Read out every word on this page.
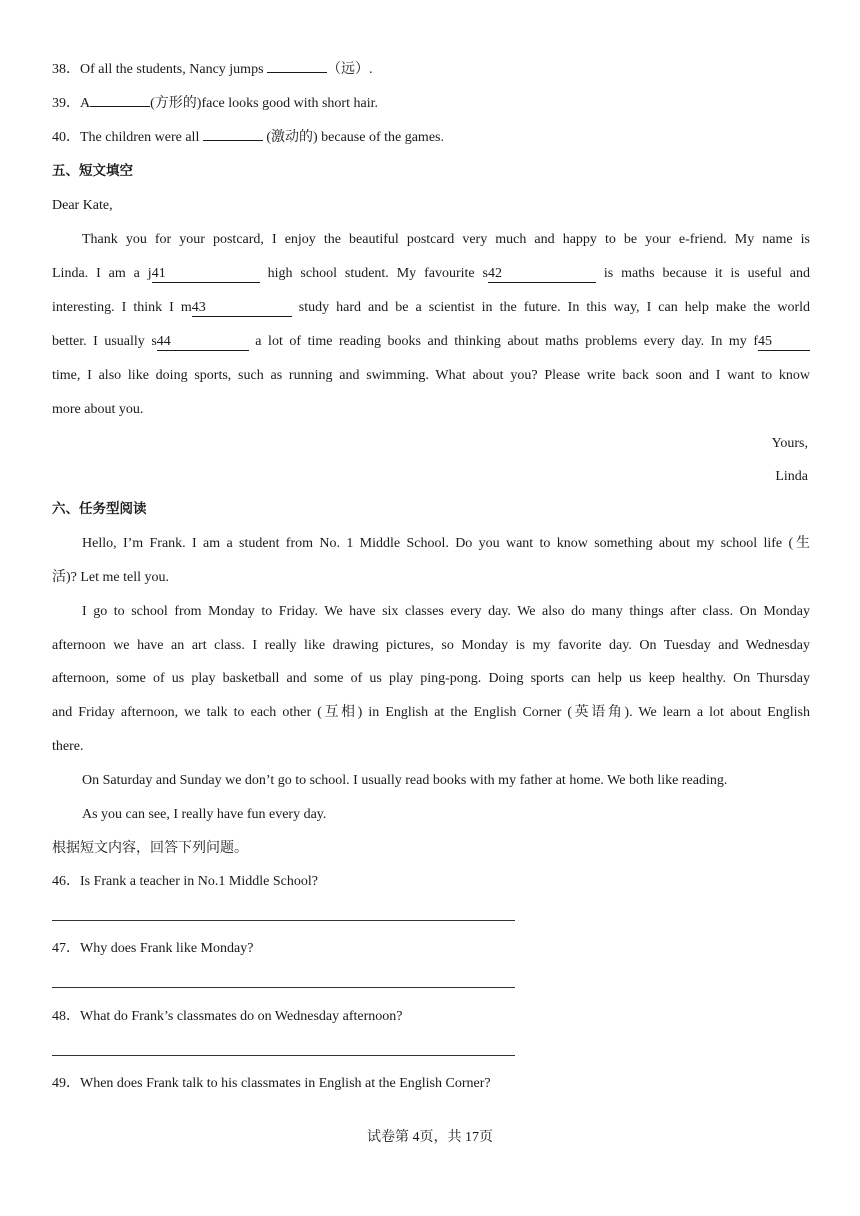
38．Of all the students, Nancy jumps	（远）.
39．A	(方形的)face looks good with short hair.
40．The children were all	(激动的) because of the games.
五、短文填空
Dear Kate,
Thank you for your postcard, I enjoy the beautiful postcard very much and happy to be your e-friend. My name is
Linda. I am a j41	high school student. My favourite s42	is maths because it is useful and
interesting. I think I m43	study hard and be a scientist in the future. In this way, I can help make the world
better. I usually s44	a lot of time reading books and thinking about maths problems every day. In my f45
time, I also like doing sports, such as running and swimming. What about you? Please write back soon and I want to know
more about you.
Yours,
Linda
六、任务型阅读
Hello, I’m Frank. I am a student from No. 1 Middle School. Do you want to know something about my school life (生
活)? Let me tell you.
I go to school from Monday to Friday. We have six classes every day. We also do many things after class. On Monday
afternoon we have an art class. I really like drawing pictures, so Monday is my favorite day. On Tuesday and Wednesday
afternoon, some of us play basketball and some of us play ping-pong. Doing sports can help us keep healthy. On Thursday
and Friday afternoon, we talk to each other (互相) in English at the English Corner (英语角). We learn a lot about English
there.
On Saturday and Sunday we don’t go to school. I usually read books with my father at home. We both like reading.
As you can see, I really have fun every day.
根据短文内容，回答下列问题。
46．Is Frank a teacher in No.1 Middle School?
47．Why does Frank like Monday?
48．What do Frank’s classmates do on Wednesday afternoon?
49．When does Frank talk to his classmates in English at the English Corner?
试卷第 4页，共 17页
